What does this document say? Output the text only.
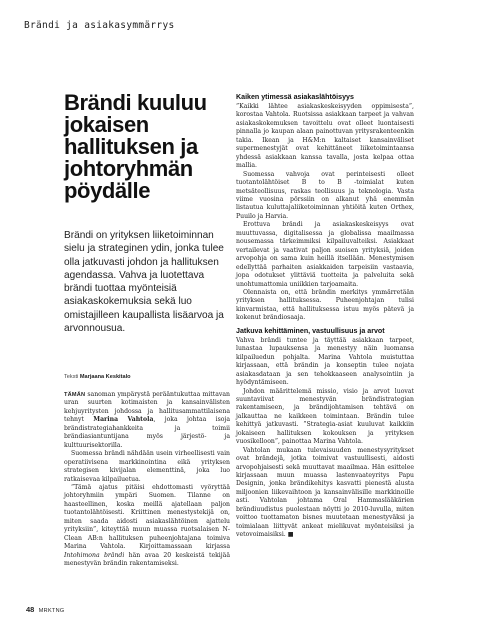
Brändi ja asiakasymmärrys
Brändi kuuluu jokaisen hallituksen ja johtoryhmän pöydälle
Brändi on yrityksen liiketoiminnan sielu ja strateginen ydin, jonka tulee olla jatkuvasti johdon ja hallituksen agendassa. Vahva ja luotettava brändi tuottaa myönteisiä asiakaskokemuksia sekä luo omistajilleen kaupallista lisäarvoa ja arvonnousua.
Teksti Marjaana Keskitalo

TÄMÄN sanoman ympärystä perääntukuttaa mittavan uran suurten kotimaisten ja kansainvälisten kehjuyritysten johdossa ja hallitusammattilaisena tehnyt Marina Vahtola, joka johtaa isoja brändistrategiahankkeita ja toimii brändiasiantuntijana myös järjestö- ja kulttuurisektorilla.

Suomessa brändi nähdään usein virheellisesti vain operatiivisena markkinointina eikä yrityksen strategisen kivijalan elementtinä, joka luo ratkaisevaa kilpailuetua.

”Tämä ajatus pitäisi ehdottomasti vyöryttää johtoryhmiin ympäri Suomen. Tilanne on haasteellinen, koska meillä ajatellaan paljon tuotantolähtöisesti. Kriittinen menestystekijä on, miten saada aidosti asiakaslähtöinen ajattelu yrityksiin”, kiteyttää muun muassa ruotsalaisen N-Clean AB:n hallituksen puheenjohtajana toimiva Marina Vahtola. Kirjoittamassaan kirjassa Intohimona brändi hän avaa 20 keskeistä tekijää menestyvän brändin rakentamiseksi.

Kaiken ytimessä asiakaslähtöisyys

”Kaikki lähtee asiakaskeskeisyyden oppimisesta”, korostaa Vahtola. Ruotsissa asiakkaan tarpeet ja vahvan asiakaskokemuksen tavoittelu ovat olleet luontaisesti pinnalla jo kaupan alaan painottuvan yritysrakenteenkin takia. Ikean ja H&M:n kaltaiset kansainväliset supermenestyjät ovat kehittäneet liiketoimintaansa yhdessä asiakkaan kanssa tavalla, josta kelpaa ottaa mallia.

Suomessa vahvoja ovat perinteisesti olleet tuotantolähtöiset B to B -toimialat kuten metsäteollisuus, raskas teollisuus ja teknologia. Vasta viime vuosina pörssiin on alkanut yhä enemmän listautua kuluttajaliiketoiminnan yhtiöitä kuten Orthex, Puuilo ja Harvia.

Erottuva brändi ja asiakaskeskeisyys ovat muuttuvassa, digitalisessa ja globalissa maailmassa nousemassa tärkeimmiksi kilpailuvalteiksi. Asiakkaat vertailevat ja vaativat paljon suoisen yrityksiä, joiden arvopohja on sama kuin heillä itsellään. Menestymisen edellyttää parhaiten asiakkaiden tarpeisiin vastaavia, jopa odotukset ylittäviä tuotteita ja palveluita sekä unohtumattomia uniikkien tarjoamaita.

Olennaista on, että brändin merkitys ymmärretään yrityksen hallituksessa. Puheenjohtajan tulisi kinvarmistaa, että hallituksessa istuu myös pätevä ja kokenut brändiosaaja.

Jatkuva kehittäminen, vastuullisuus ja arvot

Vahva brändi tuntee ja täyttää asiakkaan tarpeet, lunastaa lupauksensa ja menestyy näin luomansa kilpailuedun pohjalta. Marina Vahtola muistuttaa kirjassaan, että brändin ja konseptin tulee nojata asiakasdataan ja sen tehokkaaseen analysointiin ja hyödyntämiseen.

Johdon määrittelemä missio, visio ja arvot luovat suuntaviivat menestyvän brändistrategian rakentamiseen, ja brändijohtamisen tehtävä on jalkauttaa ne kaikkeen toimintaan. Brändin tulee kehittyä jatkuvasti. ”Strategia-asiat kuuluvat kaikkiin jokaiseen hallituksen kokouksen ja yrityksen vuosikelloon”, painottaa Marina Vahtola.

Vahtolan mukaan tulevaisuuden menestysyritykset ovat brändejä, jotka toimivat vastuullisesti, aidosti arvopohjaisesti sekä muuttavat maailmaa. Hän esittelee kirjassaan muun muassa lastenvaateyritys Papu Designin, jonka brändikehitys kasvatti pienestä alusta miljoonien liikevaihtoon ja kansainvälisille markkinoille asti. Vahtolan johtama Oral Hammaslääkärien brändiuudistus puolestaan nöytti jo 2010-luvulla, miten voittoo tuottamaton bisnes muutetaan menestyväksi ja toimialaan liittyvät ankeat mielikuvat myönteisiksi ja vetovoimaisiksi. ■

48 MRKTNG
